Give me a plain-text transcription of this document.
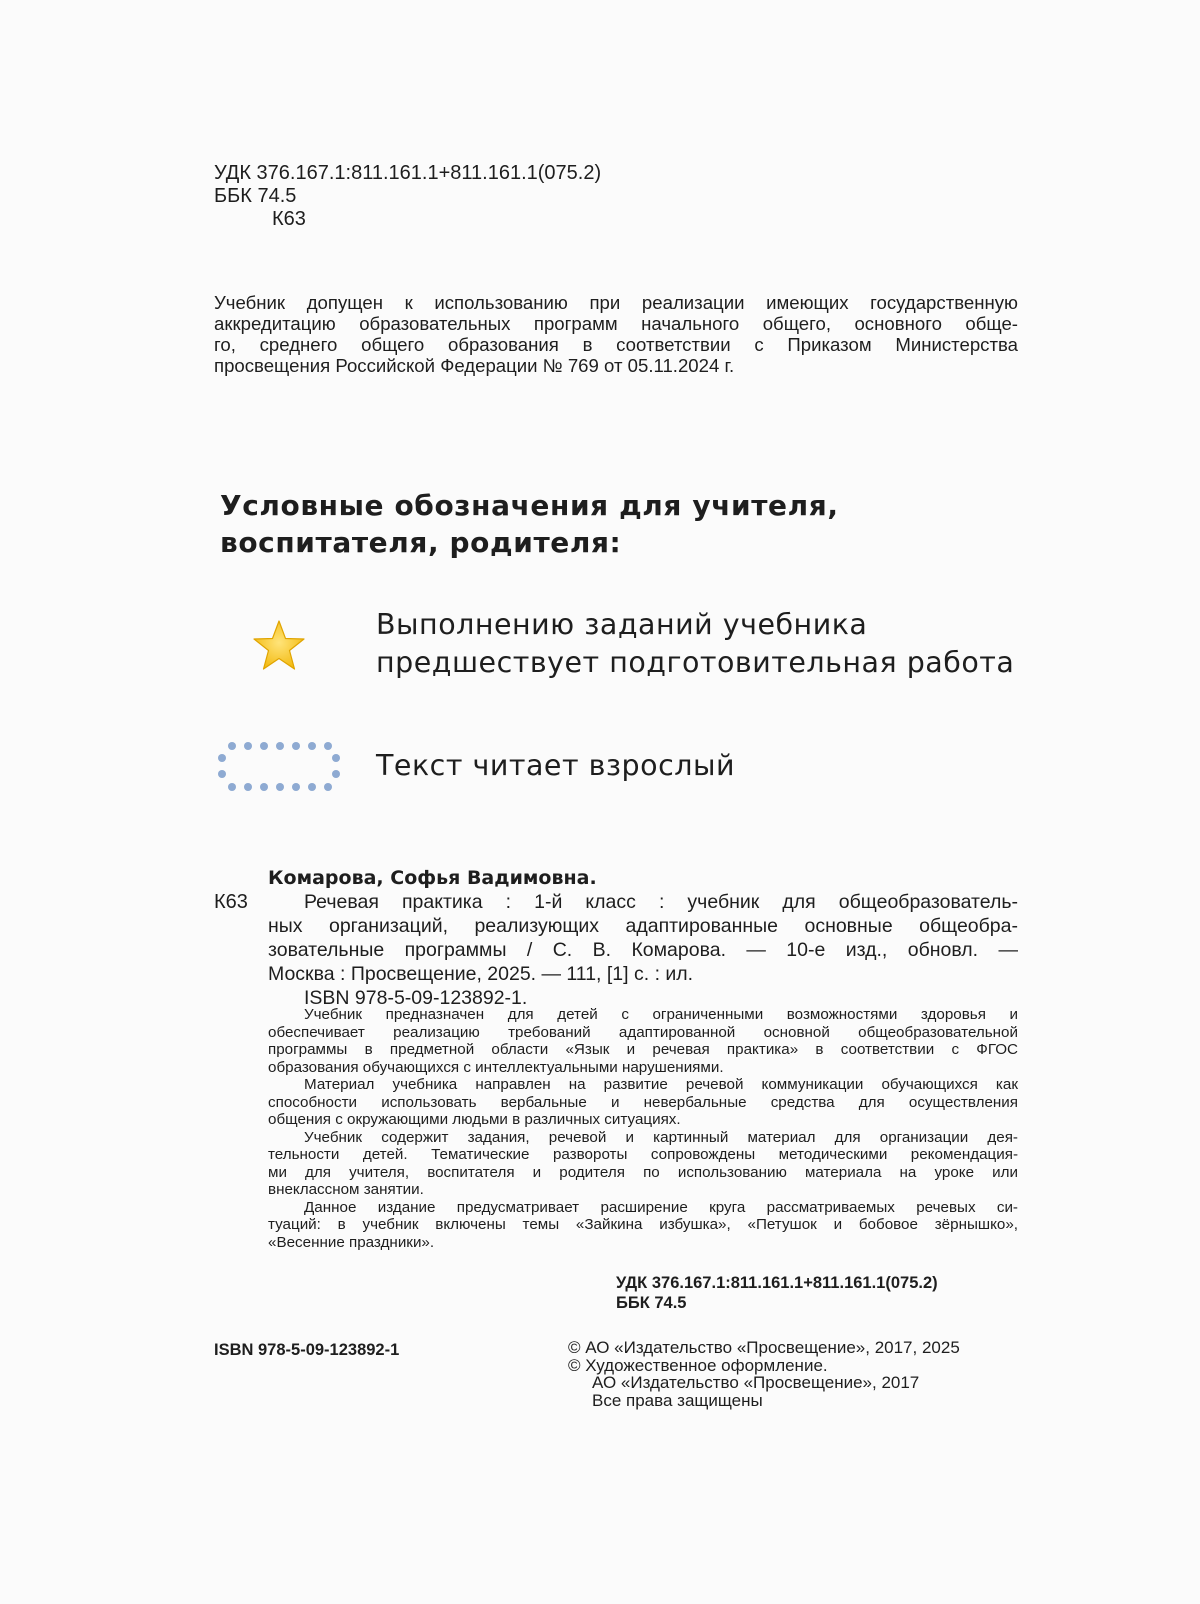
УДК 376.167.1:811.161.1+811.161.1(075.2)
ББК 74.5
К63
Учебник допущен к использованию при реализации имеющих государственную
аккредитацию образовательных программ начального общего, основного обще-
го, среднего общего образования в соответствии с Приказом Министерства
просвещения Российской Федерации № 769 от 05.11.2024 г.
Условные обозначения для учителя,
воспитателя, родителя:
Выполнению заданий учебника
предшествует подготовительная работа
Текст читает взрослый
Комарова, Софья Вадимовна.
К63	Речевая практика : 1-й класс : учебник для общеобразователь-
ных организаций, реализующих адаптированные основные общеобра-
зовательные программы / С. В. Комарова. — 10-е изд., обновл. —
Москва : Просвещение, 2025. — 111, [1] с. : ил.
ISBN 978-5-09-123892-1.
Учебник предназначен для детей с ограниченными возможностями здоровья и
обеспечивает реализацию требований адаптированной основной общеобразовательной
программы в предметной области «Язык и речевая практика» в соответствии с ФГОС
образования обучающихся с интеллектуальными нарушениями.
Материал учебника направлен на развитие речевой коммуникации обучающихся как
способности использовать вербальные и невербальные средства для осуществления
общения с окружающими людьми в различных ситуациях.
Учебник содержит задания, речевой и картинный материал для организации дея-
тельности детей. Тематические развороты сопровождены методическими рекомендация-
ми для учителя, воспитателя и родителя по использованию материала на уроке или
внеклассном занятии.
Данное издание предусматривает расширение круга рассматриваемых речевых си-
туаций: в учебник включены темы «Зайкина избушка», «Петушок и бобовое зёрнышко»,
«Весенние праздники».
УДК 376.167.1:811.161.1+811.161.1(075.2)
ББК 74.5
ISBN 978-5-09-123892-1	© АО «Издательство «Просвещение», 2017, 2025
© Художественное оформление.
АО «Издательство «Просвещение», 2017
Все права защищены
